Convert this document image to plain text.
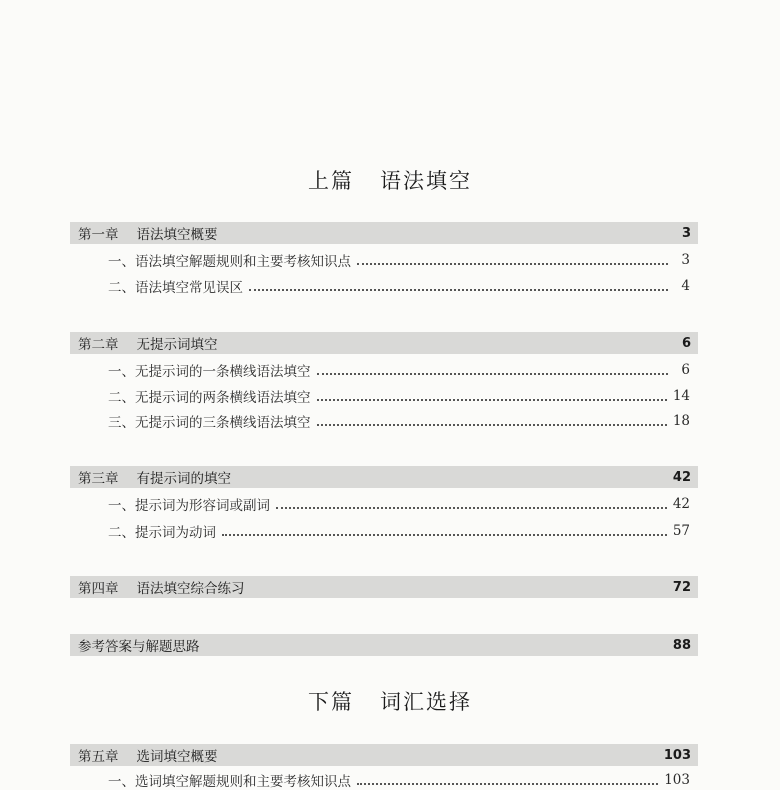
上篇 语法填空
第一章 语法填空概要	3
一、语法填空解题规则和主要考核知识点	3
二、语法填空常见误区	4
第二章 无提示词填空	6
一、无提示词的一条横线语法填空	6
二、无提示词的两条横线语法填空	14
三、无提示词的三条横线语法填空	18
第三章 有提示词的填空	42
一、提示词为形容词或副词	42
二、提示词为动词	57
第四章 语法填空综合练习	72
参考答案与解题思路	88
下篇 词汇选择
第五章 选词填空概要	103
一、选词填空解题规则和主要考核知识点	103
